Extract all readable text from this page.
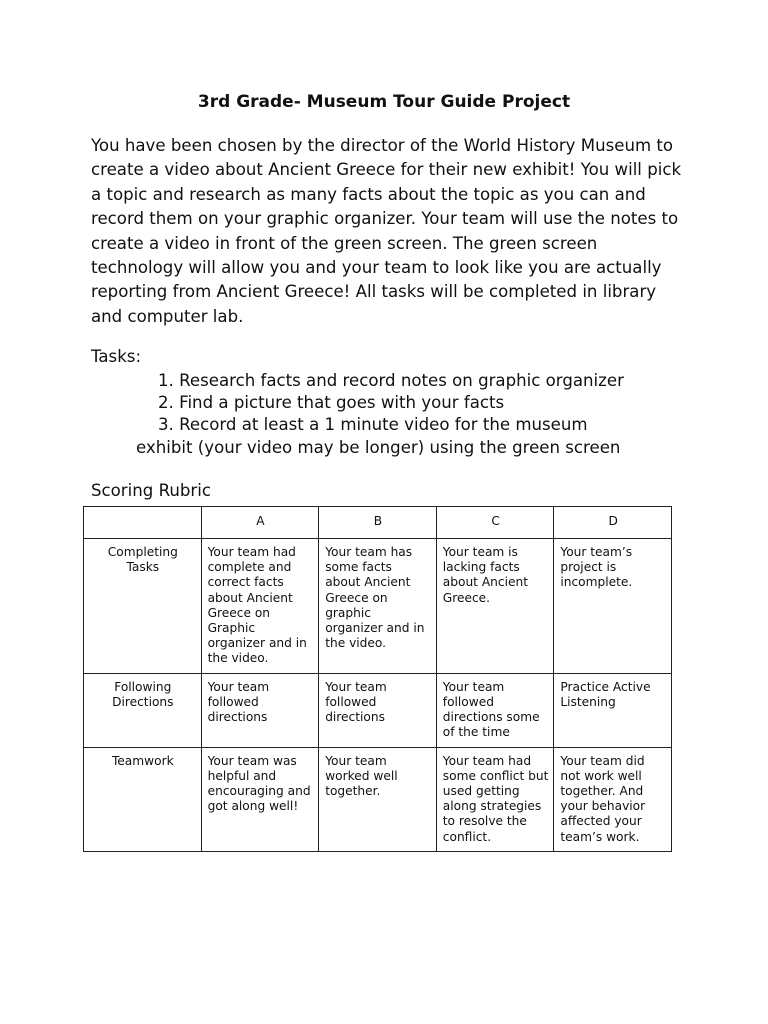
3rd Grade- Museum Tour Guide Project

You have been chosen by the director of the World History Museum to create a video about Ancient Greece for their new exhibit! You will pick a topic and research as many facts about the topic as you can and record them on your graphic organizer. Your team will use the notes to create a video in front of the green screen. The green screen technology will allow you and your team to look like you are actually reporting from Ancient Greece! All tasks will be completed in library and computer lab.

Tasks:

1. Research facts and record notes on graphic organizer

2. Find a picture that goes with your facts

3. Record at least a 1 minute video for the museum

exhibit (your video may be longer) using the green screen

Scoring Rubric

	A	B	C	D
Completing Tasks	Your team had complete and correct facts about Ancient Greece on Graphic organizer and in the video.	Your team has some facts about Ancient Greece on graphic organizer and in the video.	Your team is lacking facts about Ancient Greece.	Your team’s project is incomplete.
Following Directions	Your team followed directions	Your team followed directions	Your team followed directions some of the time	Practice Active Listening
Teamwork	Your team was helpful and encouraging and got along well!	Your team worked well together.	Your team had some conflict but used getting along strategies to resolve the conflict.	Your team did not work well together. And your behavior affected your team’s work.
